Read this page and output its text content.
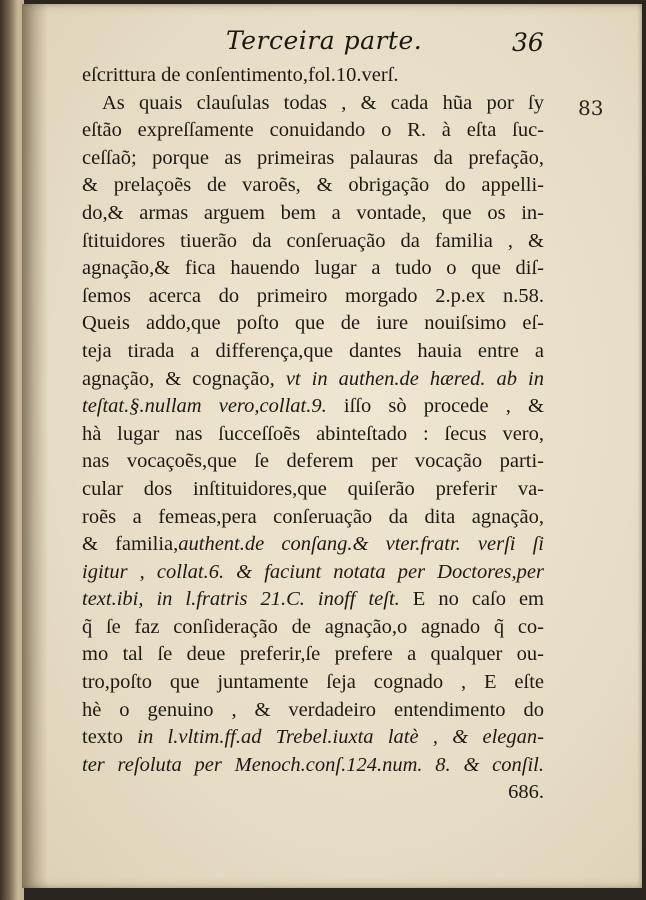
Terceira parte.	36
83
eſcrittura de conſentimento,fol.10.verſ.
As quais clauſulas todas , & cada hũa por ſy
eſtão expreſſamente conuidando o R. à eſta ſuc-
ceſſaõ; porque as primeiras palauras da prefação,
& prelaçoẽs de varoẽs, & obrigação do appelli-
do,& armas arguem bem a vontade, que os in-
ſtituidores tiuerão da conſeruação da familia , &
agnação,& fica hauendo lugar a tudo o que diſ-
ſemos acerca do primeiro morgado 2.p.ex n.58.
Queis addo,que poſto que de iure nouiſsimo eſ-
teja tirada a differença,que dantes hauia entre a
agnação, & cognação, vt in authen.de hæred. ab in
teſtat.§.nullam vero,collat.9. iſſo sò procede , &
hà lugar nas ſucceſſoẽs abinteſtado : ſecus vero,
nas vocaçoẽs,que ſe deferem per vocação parti-
cular dos inſtituidores,que quiſerão preferir va-
roẽs a femeas,pera conſeruação da dita agnação,
& familia,authent.de conſang.& vter.fratr. verſi ſi
igitur , collat.6. & faciunt notata per Doctores,per
text.ibi, in l.fratris 21.C. inoff teſt. E no caſo em
q̃ ſe faz conſideração de agnação,o agnado q̃ co-
mo tal ſe deue preferir,ſe prefere a qualquer ou-
tro,poſto que juntamente ſeja cognado , E eſte
hè o genuino , & verdadeiro entendimento do
texto in l.vltim.ff.ad Trebel.iuxta latè , & elegan-
ter reſoluta per Menoch.conſ.124.num. 8. & conſil.
686.
